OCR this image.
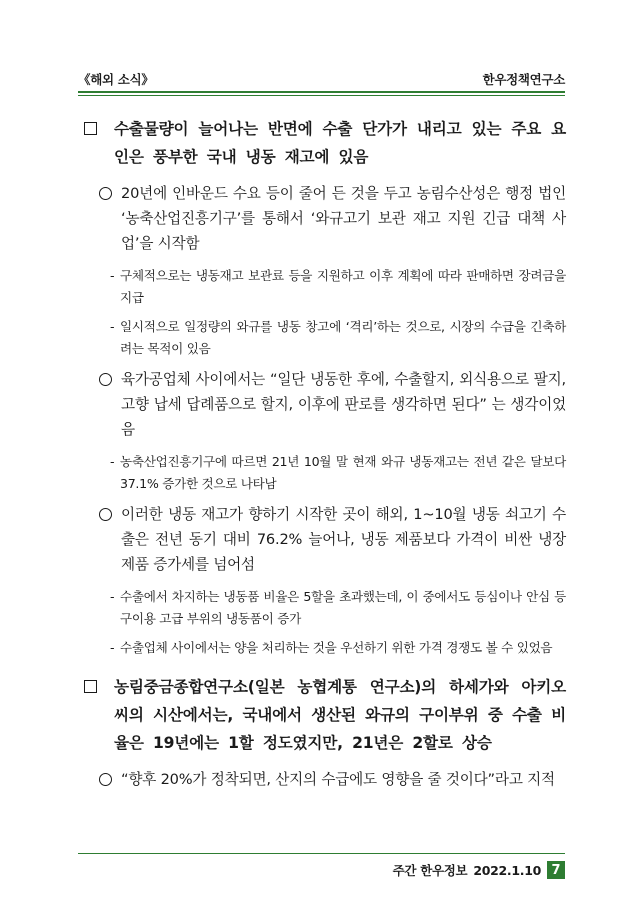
《해외 소식》	한우정책연구소
수출물량이 늘어나는 반면에 수출 단가가 내리고 있는 주요 요인은 풍부한 국내 냉동 재고에 있음
20년에 인바운드 수요 등이 줄어 든 것을 두고 농림수산성은 행정 법인 ‘농축산업진흥기구’를 통해서 ‘와규고기 보관 재고 지원 긴급 대책 사업’을 시작함
- 구체적으로는 냉동재고 보관료 등을 지원하고 이후 계획에 따라 판매하면 장려금을 지급
- 일시적으로 일정량의 와규를 냉동 창고에 ‘격리’하는 것으로, 시장의 수급을 긴축하려는 목적이 있음
육가공업체 사이에서는 “일단 냉동한 후에, 수출할지, 외식용으로 팔지, 고향 납세 답례품으로 할지, 이후에 판로를 생각하면 된다” 는 생각이었음
- 농축산업진흥기구에 따르면 21년 10월 말 현재 와규 냉동재고는 전년 같은 달보다 37.1% 증가한 것으로 나타남
이러한 냉동 재고가 향하기 시작한 곳이 해외, 1∼10월 냉동 쇠고기 수출은 전년 동기 대비 76.2% 늘어나, 냉동 제품보다 가격이 비싼 냉장 제품 증가세를 넘어섬
- 수출에서 차지하는 냉동품 비율은 5할을 초과했는데, 이 중에서도 등심이나 안심 등 구이용 고급 부위의 냉동품이 증가
- 수출업체 사이에서는 양을 처리하는 것을 우선하기 위한 가격 경쟁도 볼 수 있었음
농림중금종합연구소(일본 농협계통 연구소)의 하세가와 아키오 씨의 시산에서는, 국내에서 생산된 와규의 구이부위 중 수출 비율은 19년에는 1할 정도였지만, 21년은 2할로 상승
“향후 20%가 정착되면, 산지의 수급에도 영향을 줄 것이다”라고 지적
주간 한우정보 2022.1.10 7
